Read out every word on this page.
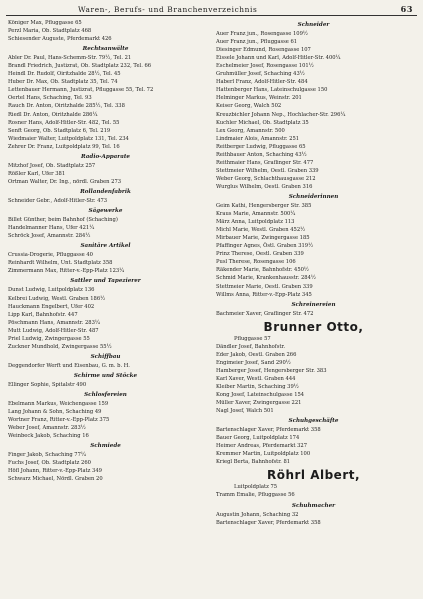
Waren-, Berufs- und Branchenverzeichnis	63
Königer Max, Pfluggasse 65
Perzl Maria, Ob. Stadtplatz 468
Schiesender Auguste, Pferdemarkt 426
Rechtsanwälte
Abler Dr. Paul, Hans-Schemm-Str. 79½, Tel. 21
Brandl Friedrich, Justizrat, Ob. Stadtplatz 232, Tel. 66
Heindl Dr. Rudolf, Oiritzhalde 28½, Tel. 45
Huber Dr. Max, Ob. Stadtplatz 35, Tel. 74
Lettenbauer Hermann, Justizrat, Pfluggasse 55, Tel. 72
Oertel Hans, Schaching, Tel. 93
Rauch Dr. Anton, Oiritzhalde 285½, Tel. 338
Riedl Dr. Anton, Oiritzhalde 286¼
Rosner Hans, Adolf-Hitler-Str. 482, Tel. 55
Senft Georg, Ob. Stadtplatz 6, Tel. 219
Wiedmaier Walter, Luitpoldplatz 131, Tel. 234
Zehrer Dr. Franz, Luitpoldplatz 99, Tel. 16
Radio-Apparate
Mitzhof Josef, Ob. Stadtplatz 257
Rößler Karl, Ufer 381
Ortman Walter, Dr. Ing., nördl. Graben 273
Rollandenfabrik
Schneider Gebr., Adolf-Hitler-Str. 473
Sägewerke
Billet Günther, beim Bahnhof (Schaching)
Handelmanner Hans, Ufer 421¼
Schröck Josef, Amannstr. 284½
Sanitäre Artikel
Crussia-Drogerie, Pfluggasse 40
Reinhardt Wilhelm, Unt. Stadtplatz 358
Zimmermann Max, Ritter-v.-Epp-Platz 123¼
Sattler und Tapezierer
Dunst Ludwig, Luitpoldplatz 136
Kelbrei Ludwig, Westl. Graben 186½
Hauckmann Engelbert, Ufer 402
Lipp Karl, Bahnhofstr. 447
Pöschmann Hans, Amannstr. 283¼
Mutt Ludwig, Adolf-Hitler-Str. 487
Priel Ludwig, Zwingergasse 55
Zuckner Mundhold, Zwingergasse 55½
Schiffbau
Deggendorfer Werft und Eisenbau, G. m. b. H.
Schirme und Stöcke
Ellinger Sophie, Spitalstr 490
Schlosfereien
Ebelmann Markus, Weichengasse 159
Lang Johann & Sohn, Schaching 49
Wortner Franz, Ritter-v.-Epp-Platz 375
Weber Josef, Amannstr. 283½
Weinbeck Jakob, Schaching 16
Schmiede
Finger Jakob, Schaching 77¼
Fuchs Josef, Ob. Stadtplatz 260
Höfl Johann, Ritter-v.-Epp-Platz 349
Schwarz Michael, Nördl. Graben 20
Schneider
Auer Franz jun., Rosengasse 109½
Auer Franz jun., Pfluggasse 61
Diesinger Edmund, Rosengasse 107
Eissele Johann und Karl, Adolf-Hitler-Str. 400¼
Eschelmeier Josef, Rosengasse 101½
Gruhmüller Josef, Schaching 43½
Haberl Franz, Adolf-Hitler-Str. 484
Hattenberger Hans, Lateinschulgasse 150
Helminger Markus, Weinstr. 201
Keiser Georg, Walch 502
Kreuzbichler Johann Nep., Hochlacher-Str. 296¼
Kuchler Michael, Ob. Stadtplatz 35
Lex Georg, Amannstr. 500
Lindmaier Alois, Amannstr. 251
Reitberger Ludwig, Pfluggasse 65
Reithbauer Anton, Schaching 43½
Reithmaier Hans, Graflinger Str. 477
Stettmeier Wilhelm, Oestl. Graben 339
Weber Georg, Schlachthausgasse 212
Wurglus Wilhelm, Oestl. Graben 316
Schneiderinnen
Geim Kathi, Hengersberger Str. 385
Kraus Marie, Amannstr. 500¼
März Anna, Luitpoldplatz 113
Michl Marie, Westl. Graben 452½
Mirbauer Marie, Zwingergasse 185
Pfaffinger Agnes, Östl. Graben 319½
Prinz Therese, Oestl. Graben 339
Pusl Therese, Rosengasse 106
Räkender Marie, Bahnhofstr. 450½
Schmid Marie, Krankenhausstr. 284½
Stettmeier Marie, Oestl. Graben 339
Willms Anna, Ritter-v.-Epp-Platz 345
Schreinereien
Bachmeier Xaver, Graflinger Str. 472
Brunner Otto,
Pfluggasse 57
Dändler Josef, Bahnhofstr.
Eder Jakob, Oestl. Graben 266
Engimeier Josef, Sand 290½
Hamberger Josef, Hengersberger Str. 383
Karl Xaver, Westl. Graben 444
Kleiber Martin, Schaching 39½
Kong Josef, Lateinschulgasse 154
Müller Xaver, Zwingergasse 221
Nagl Josef, Walch 501
Schuhgeschäfte
Bartenschlager Xaver, Pferdemarkt 358
Bauer Georg, Luitpoldplatz 174
Heimer Andreas, Pferdemarkt 327
Kremmer Martin, Luitpoldplatz 100
Kriegl Berta, Bahnhofstr. 81
Röhrl Albert,
Luitpoldplatz 75
Tramm Emalie, Pfluggasse 56
Schuhmacher
Augustin Johann, Schaching 32
Bartenschlager Xaver, Pferdemarkt 358
